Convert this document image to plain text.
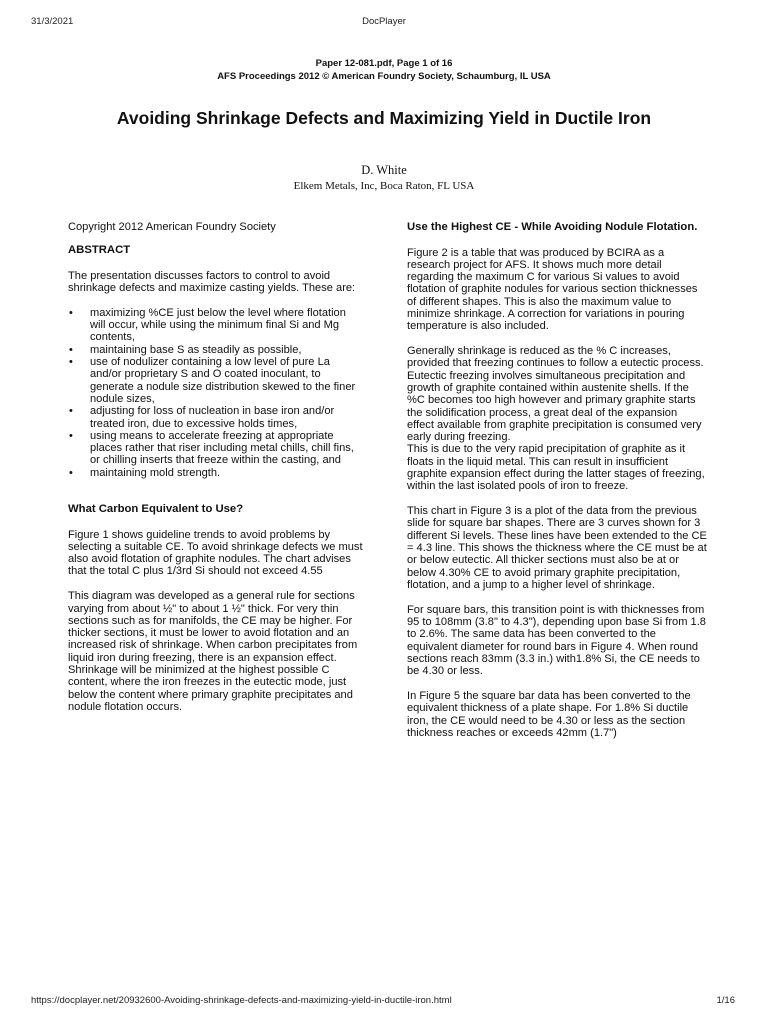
31/3/2021	DocPlayer
Paper 12-081.pdf, Page 1 of 16
AFS Proceedings 2012 © American Foundry Society, Schaumburg, IL USA
Avoiding Shrinkage Defects and Maximizing Yield in Ductile Iron
D. White
Elkem Metals, Inc, Boca Raton, FL USA

Copyright 2012 American Foundry Society

ABSTRACT

The presentation discusses factors to control to avoid shrinkage defects and maximize casting yields. These are:

• maximizing %CE just below the level where flotation will occur, while using the minimum final Si and Mg contents,
• maintaining base S as steadily as possible,
• use of nodulizer containing a low level of pure La and/or proprietary S and O coated inoculant, to generate a nodule size distribution skewed to the finer nodule sizes,
• adjusting for loss of nucleation in base iron and/or treated iron, due to excessive holds times,
• using means to accelerate freezing at appropriate places rather that riser including metal chills, chill fins, or chilling inserts that freeze within the casting, and
• maintaining mold strength.
What Carbon Equivalent to Use?

Figure 1 shows guideline trends to avoid problems by selecting a suitable CE. To avoid shrinkage defects we must also avoid flotation of graphite nodules. The chart advises that the total C plus 1/3rd Si should not exceed 4.55

This diagram was developed as a general rule for sections varying from about ½" to about 1 ½" thick. For very thin sections such as for manifolds, the CE may be higher. For thicker sections, it must be lower to avoid flotation and an increased risk of shrinkage. When carbon precipitates from liquid iron during freezing, there is an expansion effect. Shrinkage will be minimized at the highest possible C content, where the iron freezes in the eutectic mode, just below the content where primary graphite precipitates and nodule flotation occurs.

Use the Highest CE - While Avoiding Nodule Flotation.

Figure 2 is a table that was produced by BCIRA as a research project for AFS. It shows much more detail regarding the maximum C for various Si values to avoid flotation of graphite nodules for various section thicknesses of different shapes. This is also the maximum value to minimize shrinkage. A correction for variations in pouring temperature is also included.

Generally shrinkage is reduced as the % C increases, provided that freezing continues to follow a eutectic process. Eutectic freezing involves simultaneous precipitation and growth of graphite contained within austenite shells. If the %C becomes too high however and primary graphite starts the solidification process, a great deal of the expansion effect available from graphite precipitation is consumed very early during freezing.

This is due to the very rapid precipitation of graphite as it floats in the liquid metal. This can result in insufficient graphite expansion effect during the latter stages of freezing, within the last isolated pools of iron to freeze.

This chart in Figure 3 is a plot of the data from the previous slide for square bar shapes. There are 3 curves shown for 3 different Si levels. These lines have been extended to the CE = 4.3 line. This shows the thickness where the CE must be at or below eutectic. All thicker sections must also be at or below 4.30% CE to avoid primary graphite precipitation, flotation, and a jump to a higher level of shrinkage.

For square bars, this transition point is with thicknesses from 95 to 108mm (3.8" to 4.3"), depending upon base Si from 1.8 to 2.6%. The same data has been converted to the equivalent diameter for round bars in Figure 4. When round sections reach 83mm (3.3 in.) with1.8% Si, the CE needs to be 4.30 or less.

In Figure 5 the square bar data has been converted to the equivalent thickness of a plate shape. For 1.8% Si ductile iron, the CE would need to be 4.30 or less as the section thickness reaches or exceeds 42mm (1.7")

https://docplayer.net/20932600-Avoiding-shrinkage-defects-and-maximizing-yield-in-ductile-iron.html	1/16
